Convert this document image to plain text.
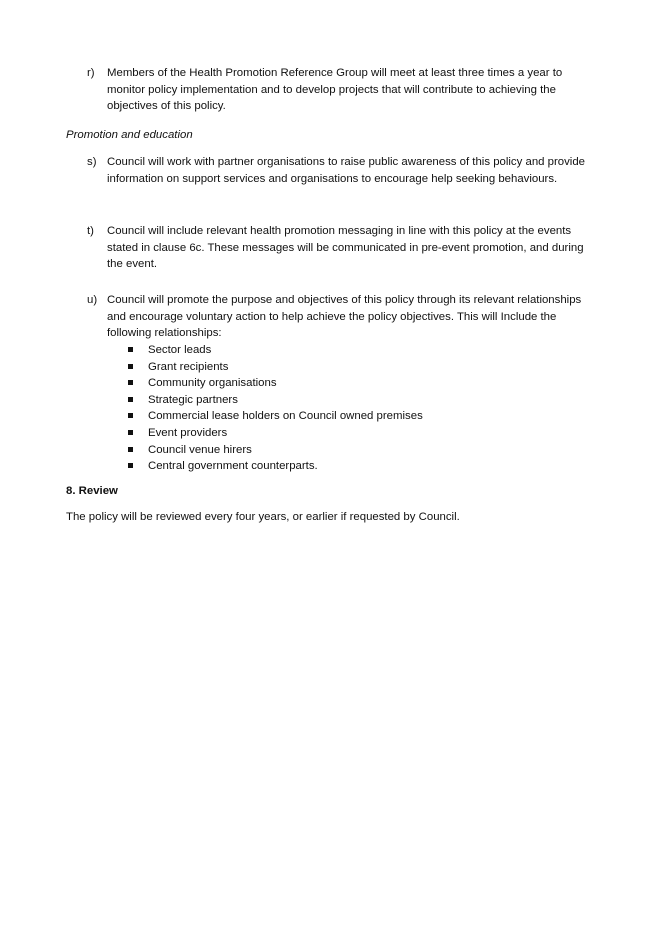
r)	Members of the Health Promotion Reference Group will meet at least three times a year to monitor policy implementation and to develop projects that will contribute to achieving the objectives of this policy.
Promotion and education
s) Council will work with partner organisations to raise public awareness of this policy and provide information on support services and organisations to encourage help seeking behaviours.
t)	Council will include relevant health promotion messaging in line with this policy at the events stated in clause 6c. These messages will be communicated in pre-event promotion, and during the event.
u) Council will promote the purpose and objectives of this policy through its relevant relationships and encourage voluntary action to help achieve the policy objectives. This will Include the following relationships:
Sector leads
Grant recipients
Community organisations
Strategic partners
Commercial lease holders on Council owned premises
Event providers
Council venue hirers
Central government counterparts.
8. Review
The policy will be reviewed every four years, or earlier if requested by Council.
